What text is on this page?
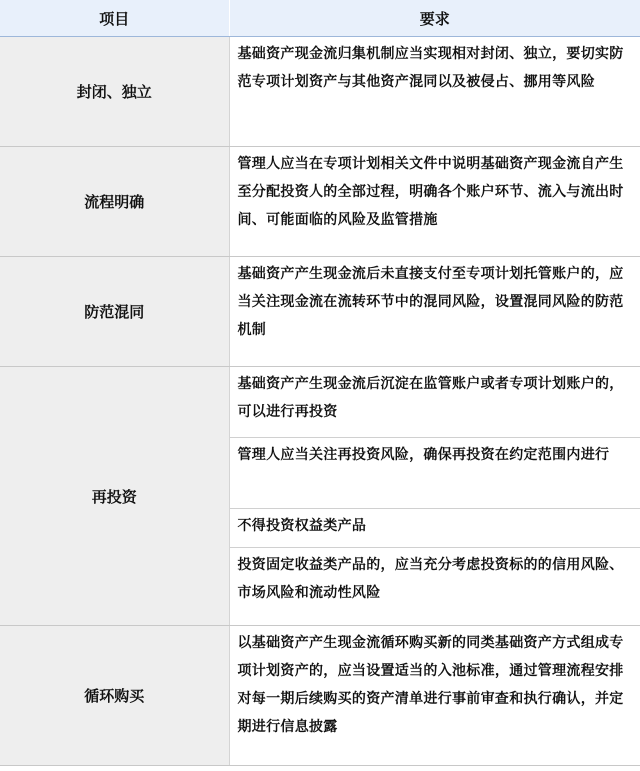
项目	要求
封闭、独立	基础资产现金流归集机制应当实现相对封闭、独立，要切实防范专项计划资产与其他资产混同以及被侵占、挪用等风险
流程明确	管理人应当在专项计划相关文件中说明基础资产现金流自产生至分配投资人的全部过程，明确各个账户环节、流入与流出时间、可能面临的风险及监管措施
防范混同	基础资产产生现金流后未直接支付至专项计划托管账户的，应当关注现金流在流转环节中的混同风险，设置混同风险的防范机制
再投资	基础资产产生现金流后沉淀在监管账户或者专项计划账户的，可以进行再投资
管理人应当关注再投资风险，确保再投资在约定范围内进行
不得投资权益类产品
投资固定收益类产品的，应当充分考虑投资标的的信用风险、市场风险和流动性风险

循环购买	以基础资产产生现金流循环购买新的同类基础资产方式组成专项计划资产的，应当设置适当的入池标准，通过管理流程安排对每一期后续购买的资产清单进行事前审查和执行确认，并定期进行信息披露
